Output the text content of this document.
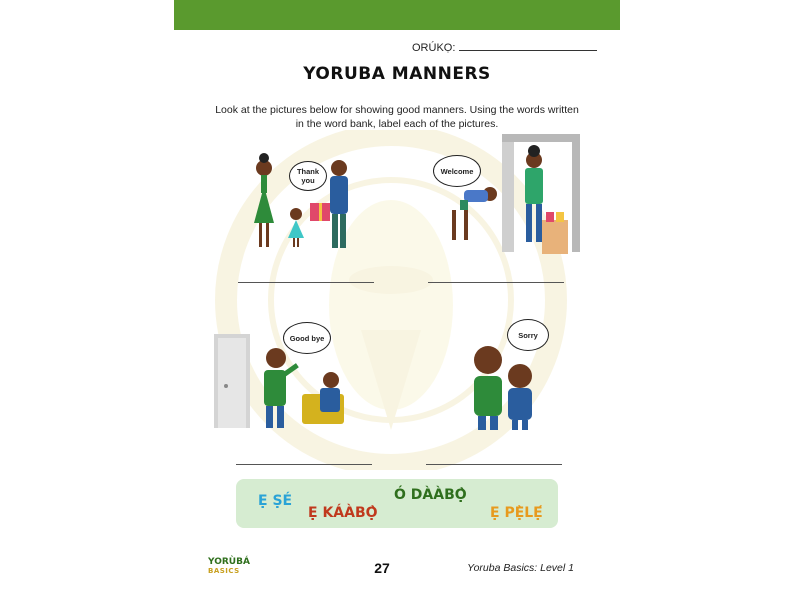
ORÚKỌ:
YORUBA MANNERS
Look at the pictures below for showing good manners. Using the words written in the word bank, label each of the pictures.
Thank you
Welcome
Good bye	Sorry
Ẹ ṢÉ
Ẹ KÁÀBỌ̀
Ó DÀÀBỌ̀
Ẹ PẸ̀LẸ́
YORÙBÁ
BASICS	27	Yoruba Basics: Level 1
